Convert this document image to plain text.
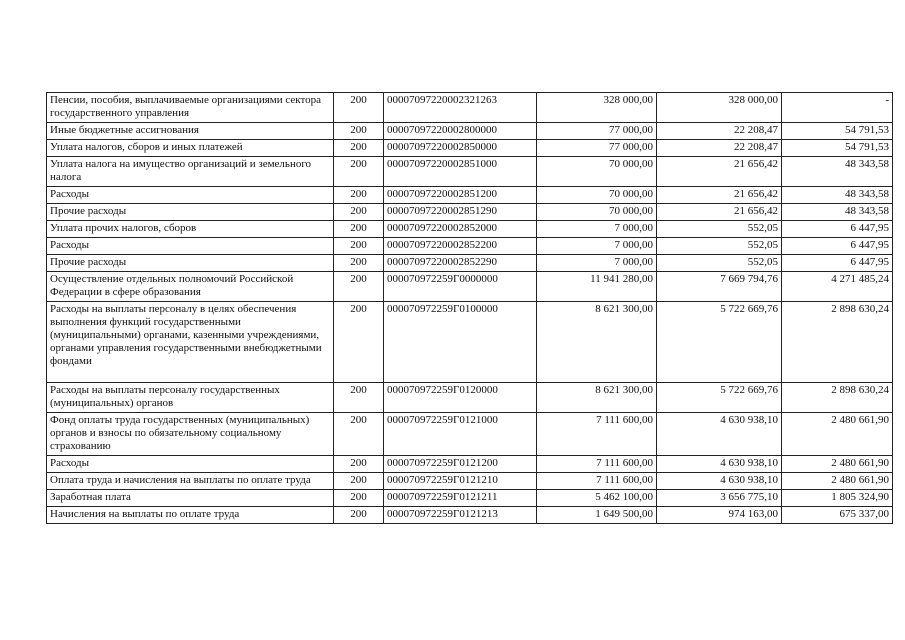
Пенсии, пособия, выплачиваемые организациями сектора государственного управления	200	00007097220002321263	328 000,00	328 000,00	-
Иные бюджетные ассигнования	200	00007097220002800000	77 000,00	22 208,47	54 791,53
Уплата налогов, сборов и иных платежей	200	00007097220002850000	77 000,00	22 208,47	54 791,53
Уплата налога на имущество организаций и земельного налога	200	00007097220002851000	70 000,00	21 656,42	48 343,58
Расходы	200	00007097220002851200	70 000,00	21 656,42	48 343,58
Прочие расходы	200	00007097220002851290	70 000,00	21 656,42	48 343,58
Уплата прочих налогов, сборов	200	00007097220002852000	7 000,00	552,05	6 447,95
Расходы	200	00007097220002852200	7 000,00	552,05	6 447,95
Прочие расходы	200	00007097220002852290	7 000,00	552,05	6 447,95
Осуществление отдельных полномочий Российской Федерации в сфере образования	200	000070972259Г0000000	11 941 280,00	7 669 794,76	4 271 485,24
Расходы на выплаты персоналу в целях обеспечения выполнения функций государственными (муниципальными) органами, казенными учреждениями, органами управления государственными внебюджетными фондами	200	000070972259Г0100000	8 621 300,00	5 722 669,76	2 898 630,24
Расходы на выплаты персоналу государственных (муниципальных) органов	200	000070972259Г0120000	8 621 300,00	5 722 669,76	2 898 630,24
Фонд оплаты труда государственных (муниципальных) органов и взносы по обязательному социальному страхованию	200	000070972259Г0121000	7 111 600,00	4 630 938,10	2 480 661,90
Расходы	200	000070972259Г0121200	7 111 600,00	4 630 938,10	2 480 661,90
Оплата труда и начисления на выплаты по оплате труда	200	000070972259Г0121210	7 111 600,00	4 630 938,10	2 480 661,90
Заработная плата	200	000070972259Г0121211	5 462 100,00	3 656 775,10	1 805 324,90
Начисления на выплаты по оплате труда	200	000070972259Г0121213	1 649 500,00	974 163,00	675 337,00
